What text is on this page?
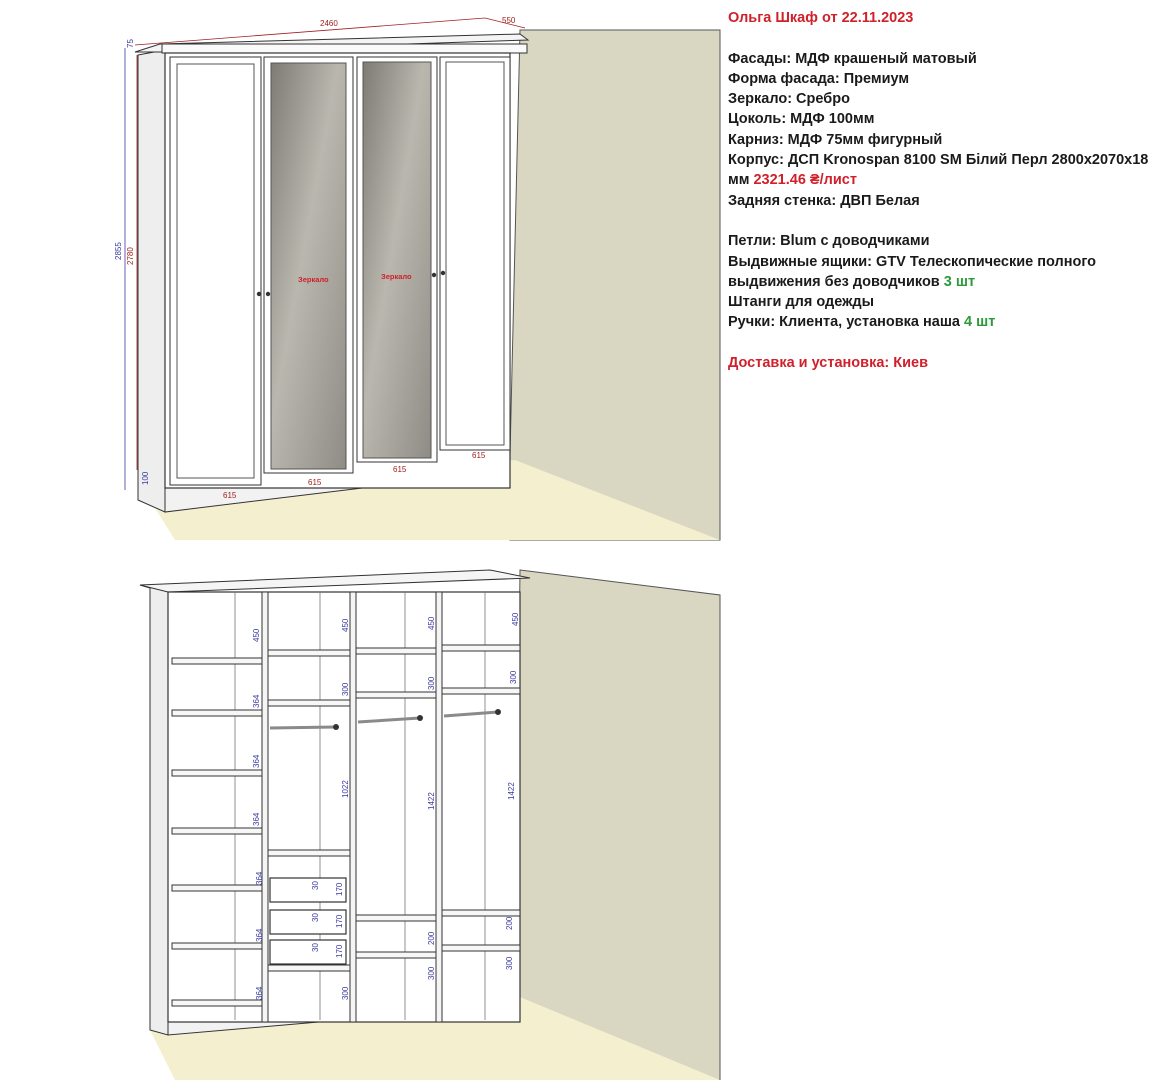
Зеркало	Зеркало
2460	550
2855 2780
75
100
615
615
615
615
450
364
364
364
364
364
364
450
300
1022
30 170
30 170
30 170
300
450
300
1422
200
300
450
300
1422
200
300

Ольга Шкаф от 22.11.2023

Фасады: МДФ крашеный матовый

Форма фасада: Премиум

Зеркало: Сребро

Цоколь: МДФ 100мм

Карниз: МДФ 75мм фигурный

Корпус: ДСП Kronospan 8100 SM Білий Перл 2800х2070х18

мм 2321.46 ₴/лист

Задняя стенка: ДВП Белая

Петли: Blum с доводчиками

Выдвижные ящики: GTV Телескопические полного

выдвижения без доводчиков 3 шт

Штанги для одежды

Ручки: Клиента, установка наша 4 шт

Доставка и установка: Киев
